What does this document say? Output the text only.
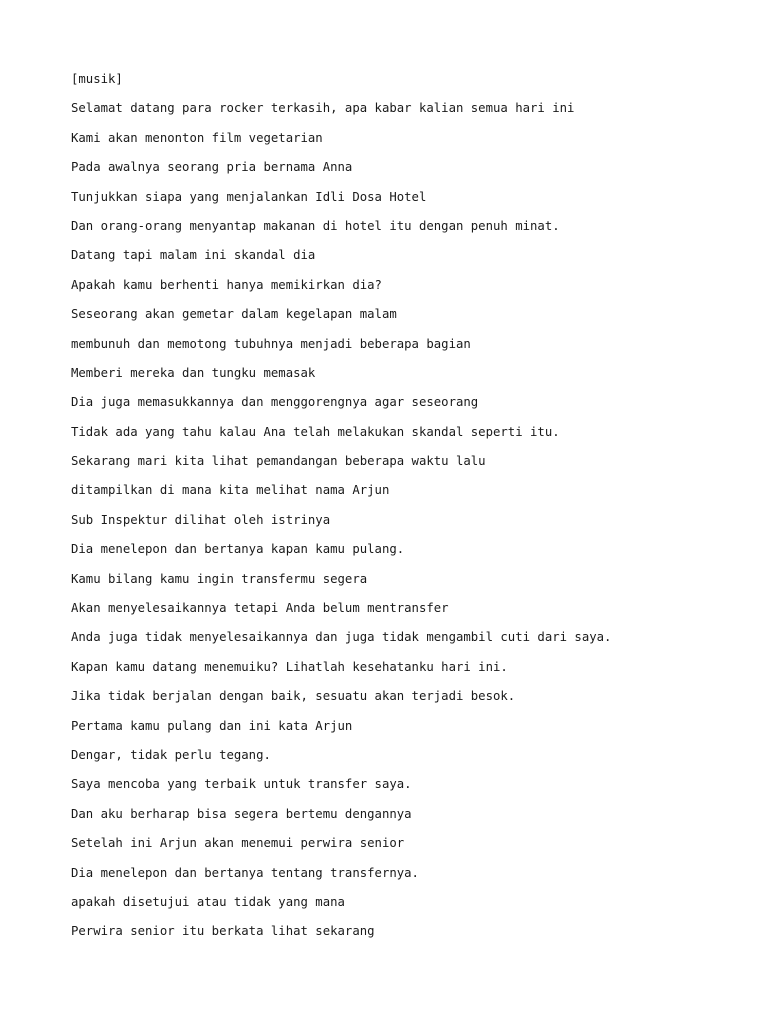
[musik]
Selamat datang para rocker terkasih, apa kabar kalian semua hari ini
Kami akan menonton film vegetarian
Pada awalnya seorang pria bernama Anna
Tunjukkan siapa yang menjalankan Idli Dosa Hotel
Dan orang-orang menyantap makanan di hotel itu dengan penuh minat.
Datang tapi malam ini skandal dia
Apakah kamu berhenti hanya memikirkan dia?
Seseorang akan gemetar dalam kegelapan malam
membunuh dan memotong tubuhnya menjadi beberapa bagian
Memberi mereka dan tungku memasak
Dia juga memasukkannya dan menggorengnya agar seseorang
Tidak ada yang tahu kalau Ana telah melakukan skandal seperti itu.
Sekarang mari kita lihat pemandangan beberapa waktu lalu
ditampilkan di mana kita melihat nama Arjun
Sub Inspektur dilihat oleh istrinya
Dia menelepon dan bertanya kapan kamu pulang.
Kamu bilang kamu ingin transfermu segera
Akan menyelesaikannya tetapi Anda belum mentransfer
Anda juga tidak menyelesaikannya dan juga tidak mengambil cuti dari saya.
Kapan kamu datang menemuiku? Lihatlah kesehatanku hari ini.
Jika tidak berjalan dengan baik, sesuatu akan terjadi besok.
Pertama kamu pulang dan ini kata Arjun
Dengar, tidak perlu tegang.
Saya mencoba yang terbaik untuk transfer saya.
Dan aku berharap bisa segera bertemu dengannya
Setelah ini Arjun akan menemui perwira senior
Dia menelepon dan bertanya tentang transfernya.
apakah disetujui atau tidak yang mana
Perwira senior itu berkata lihat sekarang
